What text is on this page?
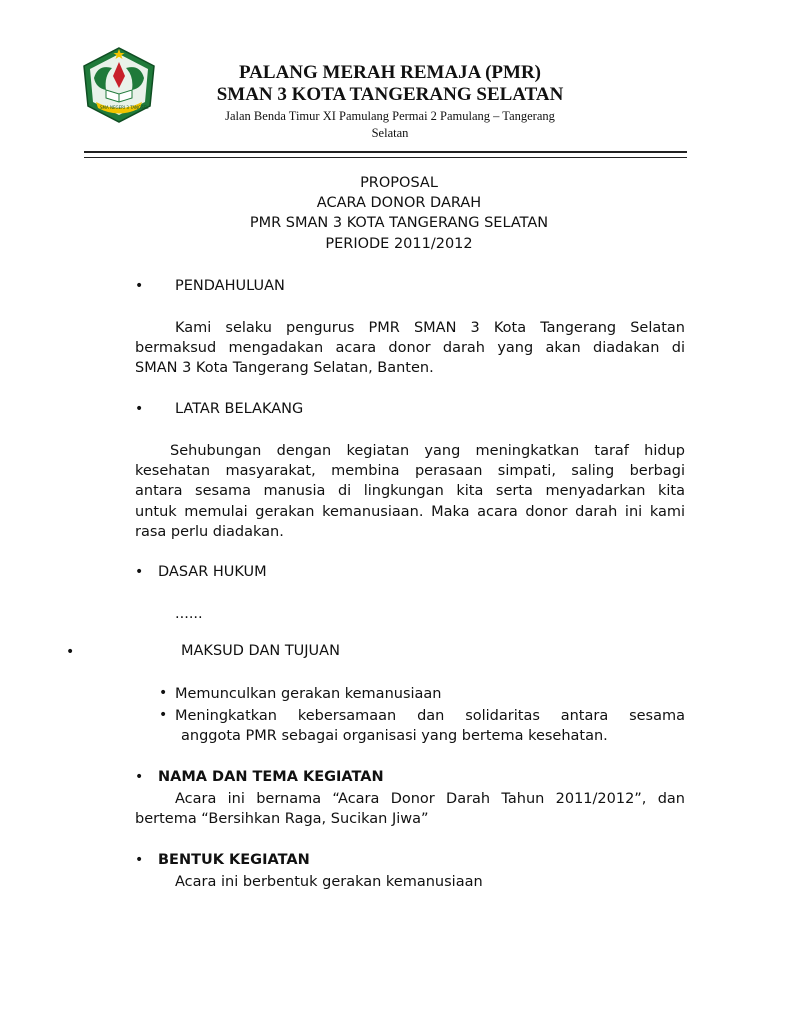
SMA NEGERI 3 TANGSEL
PALANG MERAH REMAJA (PMR)
SMAN 3 KOTA TANGERANG SELATAN
Jalan Benda Timur XI Pamulang Permai 2 Pamulang – Tangerang
Selatan
PROPOSAL
ACARA DONOR DARAH
PMR SMAN 3 KOTA TANGERANG SELATAN
PERIODE 2011/2012
• PENDAHULUAN
Kami selaku pengurus PMR SMAN 3 Kota Tangerang Selatan
bermaksud mengadakan acara donor darah yang akan diadakan di
SMAN 3 Kota Tangerang Selatan, Banten.
• LATAR BELAKANG
Sehubungan dengan kegiatan yang meningkatkan taraf hidup
kesehatan masyarakat, membina perasaan simpati, saling berbagi
antara sesama manusia di lingkungan kita serta menyadarkan kita
untuk memulai gerakan kemanusiaan. Maka acara donor darah ini kami
rasa perlu diadakan.
• DASAR HUKUM
......
•	MAKSUD DAN TUJUAN
• Memunculkan gerakan kemanusiaan
• Meningkatkan kebersamaan dan solidaritas antara sesama
anggota PMR sebagai organisasi yang bertema kesehatan.
• NAMA DAN TEMA KEGIATAN
Acara ini bernama “Acara Donor Darah Tahun 2011/2012”, dan
bertema “Bersihkan Raga, Sucikan Jiwa”
• BENTUK KEGIATAN
Acara ini berbentuk gerakan kemanusiaan
